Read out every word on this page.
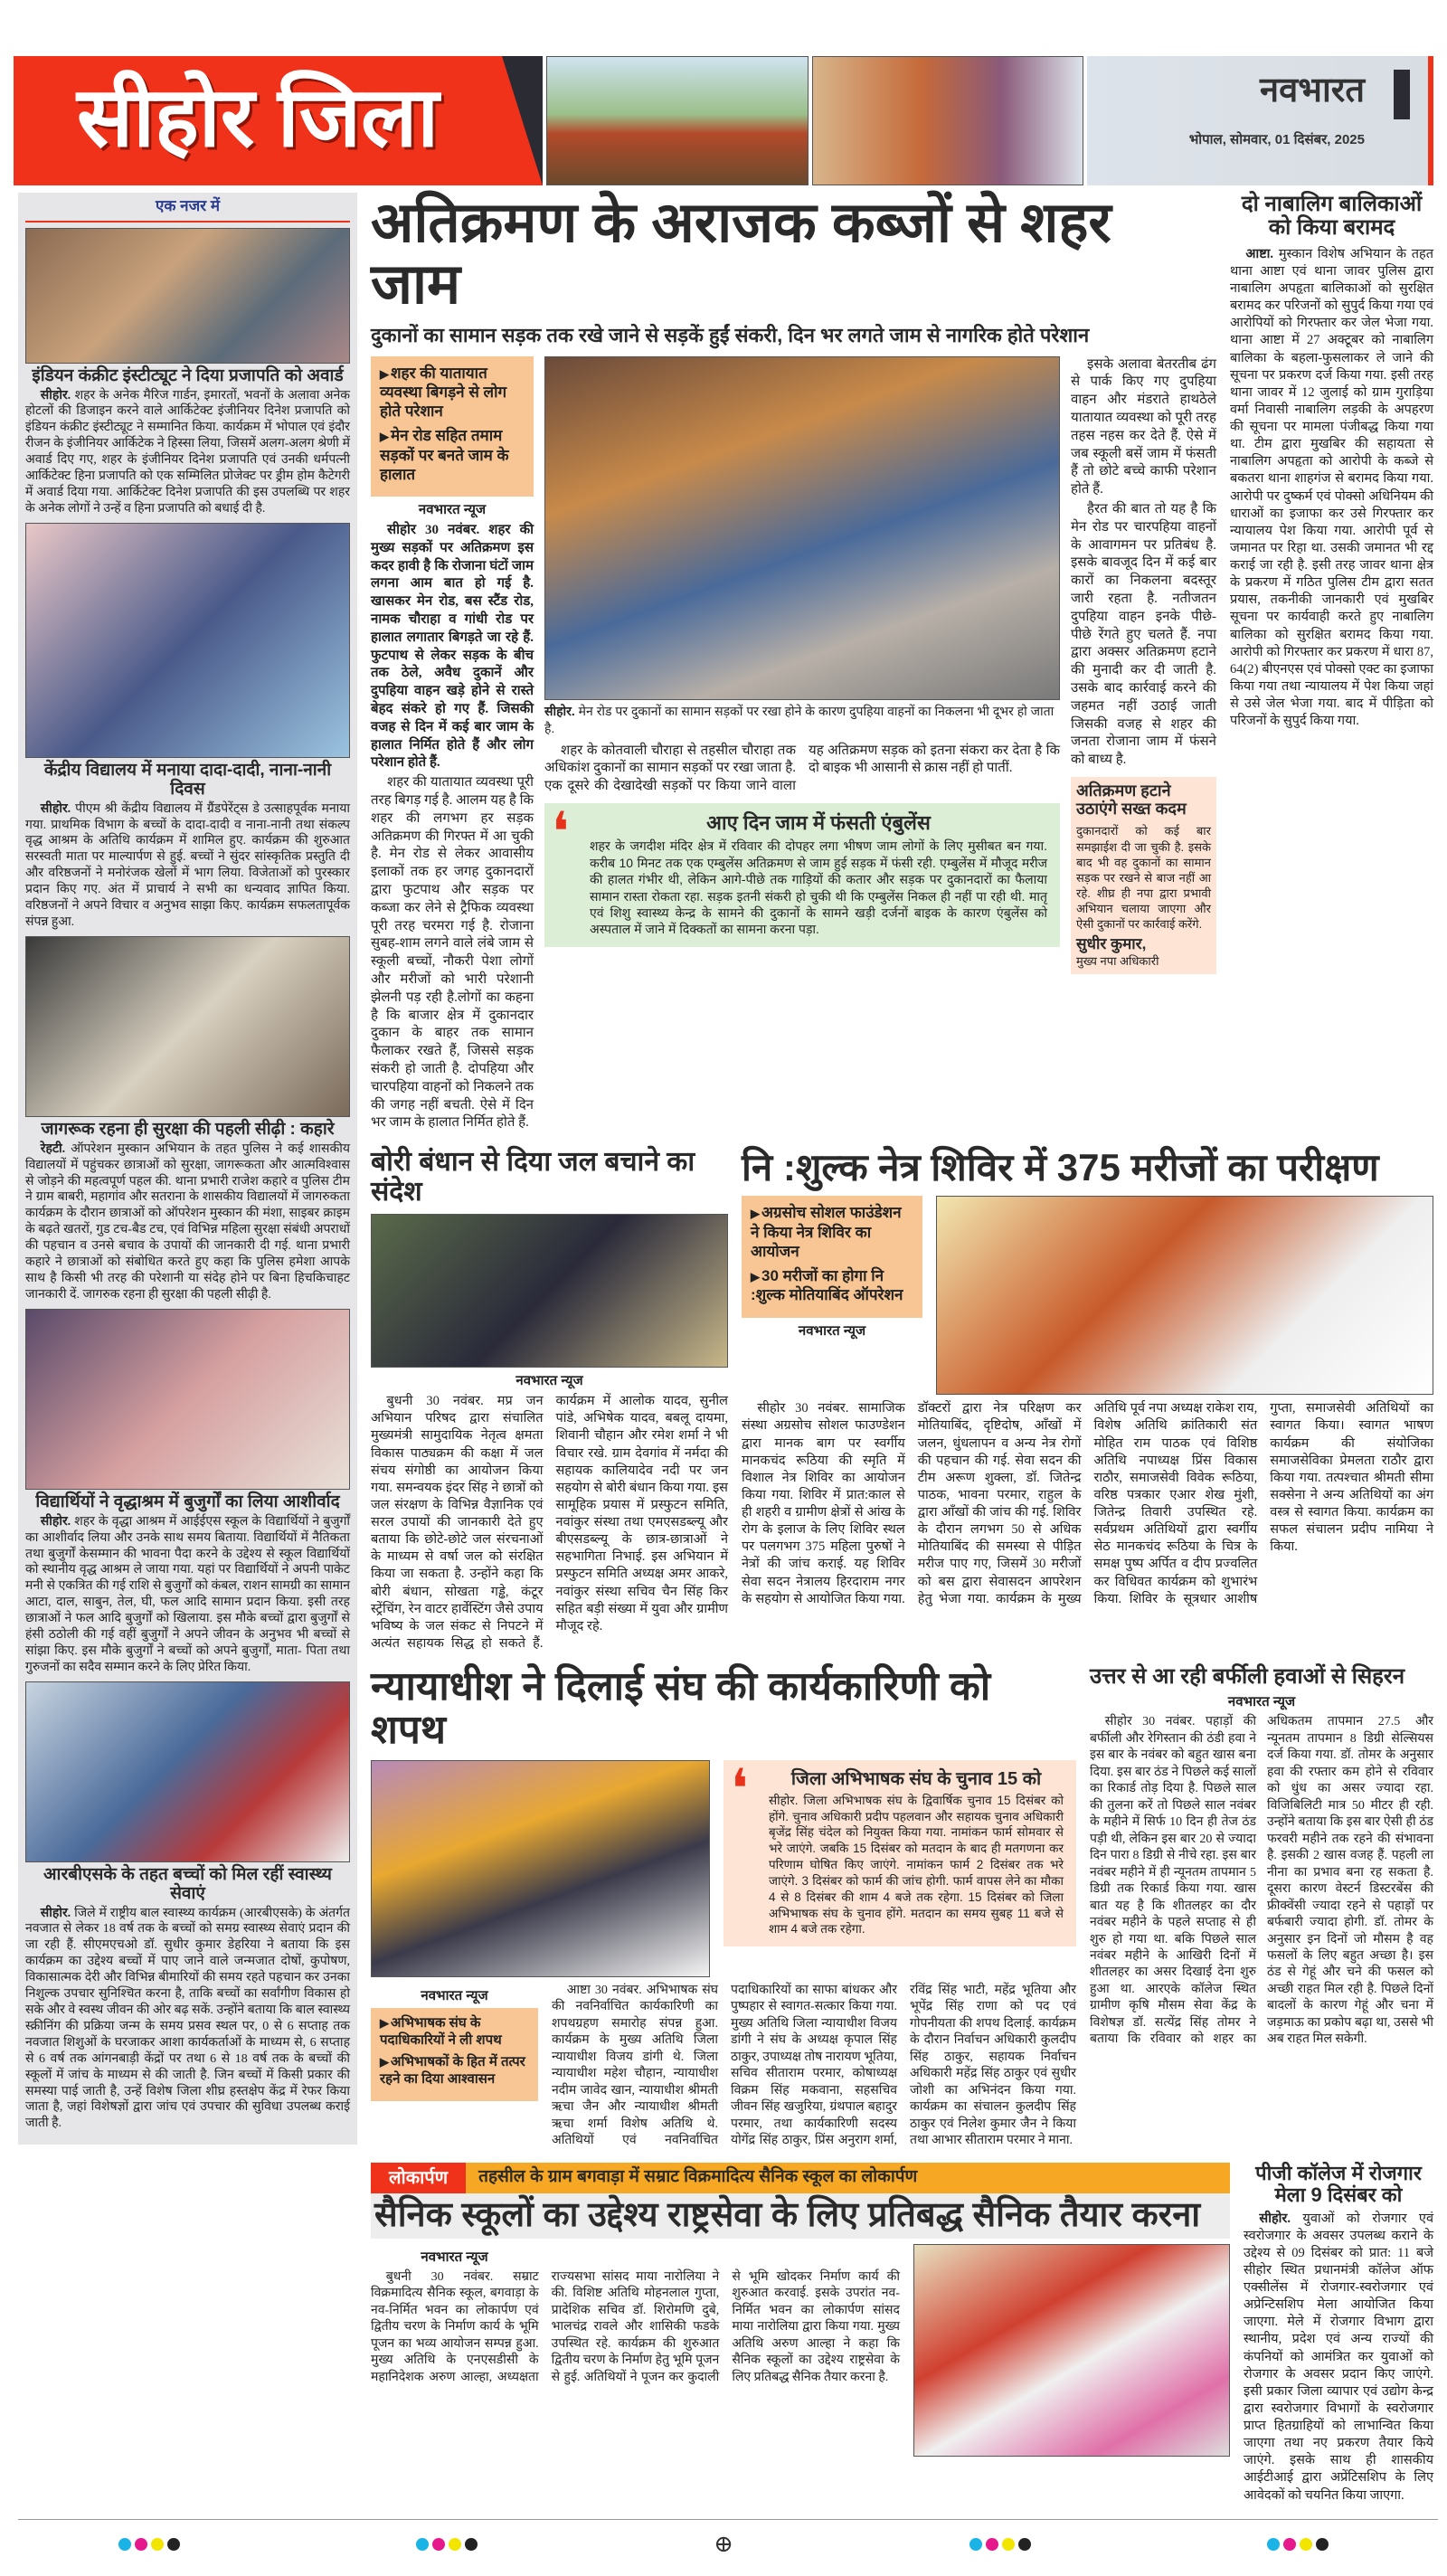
सीहोर जिला	नवभारत
भोपाल, सोमवार, 01 दिसंबर, 2025
एक नजर में
इंडियन कंक्रीट इंस्टीट्यूट ने दिया प्रजापति को अवार्ड

सीहोर. शहर के अनेक मैरिज गार्डन, इमारतों, भवनों के अलावा अनेक होटलों की डिजाइन करने वाले आर्किटेक्ट इंजीनियर दिनेश प्रजापति को इंडियन कंक्रीट इंस्टीट्यूट ने सम्मानित किया. कार्यक्रम में भोपाल एवं इंदौर रीजन के इंजीनियर आर्किटेक ने हिस्सा लिया, जिसमें अलग-अलग श्रेणी में अवार्ड दिए गए, शहर के इंजीनियर दिनेश प्रजापति एवं उनकी धर्मपत्नी आर्किटेक्ट हिना प्रजापति को एक सम्मिलित प्रोजेक्ट पर ड्रीम होम कैटेगरी में अवार्ड दिया गया. आर्किटेक्ट दिनेश प्रजापति की इस उपलब्धि पर शहर के अनेक लोगों ने उन्हें व हिना प्रजापति को बधाई दी है.

केंद्रीय विद्यालय में मनाया दादा-दादी, नाना-नानी दिवस

सीहोर. पीएम श्री केंद्रीय विद्यालय में ग्रैंडपेरेंट्स डे उत्साहपूर्वक मनाया गया. प्राथमिक विभाग के बच्चों के दादा-दादी व नाना-नानी तथा संकल्प वृद्ध आश्रम के अतिथि कार्यक्रम में शामिल हुए. कार्यक्रम की शुरुआत सरस्वती माता पर माल्यार्पण से हुई. बच्चों ने सुंदर सांस्कृतिक प्रस्तुति दी और वरिष्ठजनों ने मनोरंजक खेलों में भाग लिया. विजेताओं को पुरस्कार प्रदान किए गए. अंत में प्राचार्य ने सभी का धन्यवाद ज्ञापित किया. वरिष्ठजनों ने अपने विचार व अनुभव साझा किए. कार्यक्रम सफलतापूर्वक संपन्न हुआ.

जागरूक रहना ही सुरक्षा की पहली सीढ़ी : कहारे

रेहटी. ऑपरेशन मुस्कान अभियान के तहत पुलिस ने कई शासकीय विद्यालयों में पहुंचकर छात्राओं को सुरक्षा, जागरूकता और आत्मविश्वास से जोड़ने की महत्वपूर्ण पहल की. थाना प्रभारी राजेश कहारे व पुलिस टीम ने ग्राम बाबरी, महागांव और सतराना के शासकीय विद्यालयों में जागरुकता कार्यक्रम के दौरान छात्राओं को ऑपरेशन मुस्कान की मंशा, साइबर क्राइम के बढ़ते खतरों, गुड टच-बैड टच, एवं विभिन्न महिला सुरक्षा संबंधी अपराधों की पहचान व उनसे बचाव के उपायों की जानकारी दी गई. थाना प्रभारी कहारे ने छात्राओं को संबोधित करते हुए कहा कि पुलिस हमेशा आपके साथ है किसी भी तरह की परेशानी या संदेह होने पर बिना हिचकिचाहट जानकारी दें. जागरुक रहना ही सुरक्षा की पहली सीढ़ी है.

विद्यार्थियों ने वृद्धाश्रम में बुजुर्गों का लिया आशीर्वाद

सीहोर. शहर के वृद्धा आश्रम में आईईएस स्कूल के विद्यार्थियों ने बुजुर्गों का आशीर्वाद लिया और उनके साथ समय बिताया. विद्यार्थियों में नैतिकता तथा बुजुर्गों केसम्मान की भावना पैदा करने के उद्देश्य से स्कूल विद्यार्थियों को स्थानीय वृद्ध आश्रम ले जाया गया. यहां पर विद्यार्थियों ने अपनी पाकेट मनी से एकत्रित की गई राशि से बुजुर्गों को कंबल, राशन सामग्री का सामान आटा, दाल, साबुन, तेल, घी, फल आदि सामान प्रदान किया. इसी तरह छात्राओं ने फल आदि बुजुर्गों को खिलाया. इस मौके बच्चों द्वारा बुजुर्गों से हंसी ठठोली की गई वहीं बुजुर्गों ने अपने जीवन के अनुभव भी बच्चों से सांझा किए. इस मौके बुजुर्गों ने बच्चों को अपने बुजुर्गों, माता- पिता तथा गुरुजनों का सदैव सम्मान करने के लिए प्रेरित किया.

आरबीएसके के तहत बच्चों को मिल रहीं स्वास्थ्य सेवाएं

सीहोर. जिले में राष्ट्रीय बाल स्वास्थ्य कार्यक्रम (आरबीएसके) के अंतर्गत नवजात से लेकर 18 वर्ष तक के बच्चों को समग्र स्वास्थ्य सेवाएं प्रदान की जा रही हैं. सीएमएचओ डॉ. सुधीर कुमार डेहरिया ने बताया कि इस कार्यक्रम का उद्देश्य बच्चों में पाए जाने वाले जन्मजात दोषों, कुपोषण, विकासात्मक देरी और विभिन्न बीमारियों की समय रहते पहचान कर उनका निशुल्क उपचार सुनिश्चित करना है, ताकि बच्चों का सर्वांगीण विकास हो सके और वे स्वस्थ जीवन की ओर बढ़ सकें. उन्होंने बताया कि बाल स्वास्थ्य स्क्रीनिंग की प्रक्रिया जन्म के समय प्रसव स्थल पर, 0 से 6 सप्ताह तक नवजात शिशुओं के घरजाकर आशा कार्यकर्ताओं के माध्यम से, 6 सप्ताह से 6 वर्ष तक आंगनबाड़ी केंद्रों पर तथा 6 से 18 वर्ष तक के बच्चों की स्कूलों में जांच के माध्यम से की जाती है. जिन बच्चों में किसी प्रकार की समस्या पाई जाती है, उन्हें विशेष जिला शीघ्र हस्तक्षेप केंद्र में रेफर किया जाता है, जहां विशेषज्ञों द्वारा जांच एवं उपचार की सुविधा उपलब्ध कराई जाती है.

अतिक्रमण के अराजक कब्जों से शहर जाम
दुकानों का सामान सड़क तक रखे जाने से सड़कें हुईं संकरी, दिन भर लगते जाम से नागरिक होते परेशान
▶ शहर की यातायात व्यवस्था बिगड़ने से लोग होते परेशान
▶ मेन रोड सहित तमाम सड़कों पर बनते जाम के हालात
नवभारत न्यूज

सीहोर 30 नवंबर. शहर की मुख्य सड़कों पर अतिक्रमण इस कदर हावी है कि रोजाना घंटों जाम लगना आम बात हो गई है. खासकर मेन रोड, बस स्टैंड रोड, नामक चौराहा व गांधी रोड पर हालात लगातार बिगड़ते जा रहे हैं. फुटपाथ से लेकर सड़क के बीच तक ठेले, अवैध दुकानें और दुपहिया वाहन खड़े होने से रास्ते बेहद संकरे हो गए हैं. जिसकी वजह से दिन में कई बार जाम के हालात निर्मित होते हैं और लोग परेशान होते हैं.

शहर की यातायात व्यवस्था पूरी तरह बिगड़ गई है. आलम यह है कि शहर की लगभग हर सड़क अतिक्रमण की गिरफ्त में आ चुकी है. मेन रोड से लेकर आवासीय इलाकों तक हर जगह दुकानदारों द्वारा फुटपाथ और सड़क पर कब्जा कर लेने से ट्रैफिक व्यवस्था पूरी तरह चरमरा गई है. रोजाना सुबह-शाम लगने वाले लंबे जाम से स्कूली बच्चों, नौकरी पेशा लोगों और मरीजों को भारी परेशानी झेलनी पड़ रही है.लोगों का कहना है कि बाजार क्षेत्र में दुकानदार दुकान के बाहर तक सामान फैलाकर रखते हैं, जिससे सड़क संकरी हो जाती है. दोपहिया और चारपहिया वाहनों को निकलने तक की जगह नहीं बचती. ऐसे में दिन भर जाम के हालात निर्मित होते हैं.

सीहोर. मेन रोड पर दुकानों का सामान सड़कों पर रखा होने के कारण दुपहिया वाहनों का निकलना भी दूभर हो जाता है.

शहर के कोतवाली चौराहा से तहसील चौराहा तक अधिकांश दुकानों का सामान सड़कों पर रखा जाता है. एक दूसरे की देखादेखी सड़कों पर किया जाने वाला यह अतिक्रमण सड़क को इतना संकरा कर देता है कि दो बाइक भी आसानी से क्रास नहीं हो पातीं.

❛	आए दिन जाम में फंसती एंबुलेंस
शहर के जगदीश मंदिर क्षेत्र में रविवार की दोपहर लगा भीषण जाम लोगों के लिए मुसीबत बन गया. करीब 10 मिनट तक एक एम्बुलेंस अतिक्रमण से जाम हुई सड़क में फंसी रही. एम्बुलेंस में मौजूद मरीज की हालत गंभीर थी, लेकिन आगे-पीछे तक गाड़ियों की कतार और सड़क पर दुकानदारों का फैलाया सामान रास्ता रोकता रहा. सड़क इतनी संकरी हो चुकी थी कि एम्बुलेंस निकल ही नहीं पा रही थी. मातृ एवं शिशु स्वास्थ्य केन्द्र के सामने की दुकानों के सामने खड़ी दर्जनों बाइक के कारण एंबुलेंस को अस्पताल में जाने में दिक्कतों का सामना करना पड़ा.

इसके अलावा बेतरतीब ढंग से पार्क किए गए दुपहिया वाहन और मंडराते हाथठेले यातायात व्यवस्था को पूरी तरह तहस नहस कर देते हैं. ऐसे में जब स्कूली बसें जाम में फंसती हैं तो छोटे बच्चे काफी परेशान होते हैं.

हैरत की बात तो यह है कि मेन रोड पर चारपहिया वाहनों के आवागमन पर प्रतिबंध है. इसके बावजूद दिन में कई बार कारों का निकलना बदस्तूर जारी रहता है. नतीजतन दुपहिया वाहन इनके पीछे- पीछे रेंगते हुए चलते हैं. नपा द्वारा अक्सर अतिक्रमण हटाने की मुनादी कर दी जाती है. उसके बाद कार्रवाई करने की जहमत नहीं उठाई जाती जिसकी वजह से शहर की जनता रोजाना जाम में फंसने को बाध्य है.

अतिक्रमण हटाने उठाएंगे सख्त कदम
दुकानदारों को कई बार समझाईश दी जा चुकी है. इसके बाद भी वह दुकानों का सामान सड़क पर रखने से बाज नहीं आ रहे. शीघ्र ही नपा द्वारा प्रभावी अभियान चलाया जाएगा और ऐसी दुकानों पर कार्रवाई करेंगे.
सुधीर कुमार,
मुख्य नपा अधिकारी
दो नाबालिग बालिकाओं को किया बरामद

आष्टा. मुस्कान विशेष अभियान के तहत थाना आष्टा एवं थाना जावर पुलिस द्वारा नाबालिग अपहृता बालिकाओं को सुरक्षित बरामद कर परिजनों को सुपुर्द किया गया एवं आरोपियों को गिरफ्तार कर जेल भेजा गया. थाना आष्टा में 27 अक्टूबर को नाबालिग बालिका के बहला-फुसलाकर ले जाने की सूचना पर प्रकरण दर्ज किया गया. इसी तरह थाना जावर में 12 जुलाई को ग्राम गुराड़िया वर्मा निवासी नाबालिग लड़की के अपहरण की सूचना पर मामला पंजीबद्ध किया गया था. टीम द्वारा मुखबिर की सहायता से नाबालिग अपहृता को आरोपी के कब्जे से बकतरा थाना शाहगंज से बरामद किया गया. आरोपी पर दुष्कर्म एवं पोक्सो अधिनियम की धाराओं का इजाफा कर उसे गिरफ्तार कर न्यायालय पेश किया गया. आरोपी पूर्व से जमानत पर रिहा था. उसकी जमानत भी रद्द कराई जा रही है. इसी तरह जावर थाना क्षेत्र के प्रकरण में गठित पुलिस टीम द्वारा सतत प्रयास, तकनीकी जानकारी एवं मुखबिर सूचना पर कार्यवाही करते हुए नाबालिग बालिका को सुरक्षित बरामद किया गया. आरोपी को गिरफ्तार कर प्रकरण में धारा 87, 64(2) बीएनएस एवं पोक्सो एक्ट का इजाफा किया गया तथा न्यायालय में पेश किया जहां से उसे जेल भेजा गया. बाद में पीड़िता को परिजनों के सुपुर्द किया गया.

बोरी बंधान से दिया जल बचाने का संदेश
नवभारत न्यूज

बुधनी 30 नवंबर. मप्र जन अभियान परिषद द्वारा संचालित मुख्यमंत्री सामुदायिक नेतृत्व क्षमता विकास पाठ्यक्रम की कक्षा में जल संचय संगोष्ठी का आयोजन किया गया. समन्वयक इंदर सिंह ने छात्रों को जल संरक्षण के विभिन्न वैज्ञानिक एवं सरल उपायों की जानकारी देते हुए बताया कि छोटे-छोटे जल संरचनाओं के माध्यम से वर्षा जल को संरक्षित किया जा सकता है. उन्होंने कहा कि बोरी बंधान, सोखता गड्ढे, कंटूर स्ट्रेंचिंग, रेन वाटर हार्वेस्टिंग जैसे उपाय भविष्य के जल संकट से निपटने में अत्यंत सहायक सिद्ध हो सकते हैं. कार्यक्रम में आलोक यादव, सुनील पांडे, अभिषेक यादव, बबलू दायमा, शिवानी चौहान और रमेश शर्मा ने भी विचार रखे. ग्राम देवगांव में नर्मदा की सहायक कालियादेव नदी पर जन सहयोग से बोरी बंधान किया गया. इस सामूहिक प्रयास में प्रस्फुटन समिति, नवांकुर संस्था तथा एमएसडब्ल्यू और बीएसडब्ल्यू के छात्र-छात्राओं ने सहभागिता निभाई. इस अभियान में प्रस्फुटन समिति अध्यक्ष अमर आकरे, नवांकुर संस्था सचिव चैन सिंह किर सहित बड़ी संख्या में युवा और ग्रामीण मौजूद रहे.

नि :शुल्क नेत्र शिविर में 375 मरीजों का परीक्षण
▶ अग्रसोच सोशल फाउंडेशन ने किया नेत्र शिविर का आयोजन
▶ 30 मरीजों का होगा नि :शुल्क मोतियाबिंद ऑपरेशन
नवभारत न्यूज

सीहोर 30 नवंबर. सामाजिक संस्था अग्रसोच सोशल फाउण्डेशन द्वारा मानक बाग पर स्वर्गीय मानकचंद रूठिया की स्मृति में विशाल नेत्र शिविर का आयोजन किया गया. शिविर में प्रात:काल से ही शहरी व ग्रामीण क्षेत्रों से आंख के रोग के इलाज के लिए शिविर स्थल पर पलगभग 375 महिला पुरुषों ने नेत्रों की जांच कराई. यह शिविर सेवा सदन नेत्रालय हिरदाराम नगर के सहयोग से आयोजित किया गया. डॉक्टरों द्वारा नेत्र परिक्षण कर मोतियाबिंद, दृष्टिदोष, आँखों में जलन, धुंधलापन व अन्य नेत्र रोगों की पहचान की गई. सेवा सदन की टीम अरूण शुक्ला, डॉ. जितेन्द्र पाठक, भावना परमार, राहुल के द्वारा आँखों की जांच की गई. शिविर के दौरान लगभग 50 से अधिक मोतियाबिंद की समस्या से पीड़ित मरीज पाए गए, जिसमें 30 मरीजों को बस द्वारा सेवासदन आपरेशन हेतु भेजा गया. कार्यक्रम के मुख्य अतिथि पूर्व नपा अध्यक्ष राकेश राय, विशेष अतिथि क्रांतिकारी संत मोहित राम पाठक एवं विशिष्ठ अतिथि नपाध्यक्ष प्रिंस विकास राठौर, समाजसेवी विवेक रूठिया, वरिष्ठ पत्रकार एआर शेख मुंशी, जितेन्द्र तिवारी उपस्थित रहे. सर्वप्रथम अतिथियों द्वारा स्वर्गीय सेठ मानकचंद रूठिया के चित्र के समक्ष पुष्प अर्पित व दीप प्रज्वलित कर विधिवत कार्यक्रम को शुभारंभ किया. शिविर के सूत्रधार आशीष गुप्ता, समाजसेवी अतिथियों का स्वागत किया। स्वागत भाषण कार्यक्रम की संयोजिका समाजसेविका प्रेमलता राठौर द्वारा किया गया. तत्पश्चात श्रीमती सीमा सक्सेना ने अन्य अतिथियों का अंग वस्त्र से स्वागत किया. कार्यक्रम का सफल संचालन प्रदीप नामिया ने किया.

न्यायाधीश ने दिलाई संघ की कार्यकारिणी को शपथ
❛	जिला अभिभाषक संघ के चुनाव 15 को
सीहोर. जिला अभिभाषक संघ के द्विवार्षिक चुनाव 15 दिसंबर को होंगे. चुनाव अधिकारी प्रदीप पहलवान और सहायक चुनाव अधिकारी बृजेंद्र सिंह चंदेल को नियुक्त किया गया. नामांकन फार्म सोमवार से भरे जाएंगे. जबकि 15 दिसंबर को मतदान के बाद ही मतगणना कर परिणाम घोषित किए जाएंगे. नामांकन फार्म 2 दिसंबर तक भरे जाएंगे. 3 दिसंबर को फार्म की जांच होगी. फार्म वापस लेने का मौका 4 से 8 दिसंबर की शाम 4 बजे तक रहेगा. 15 दिसंबर को जिला अभिभाषक संघ के चुनाव होंगे. मतदान का समय सुबह 11 बजे से शाम 4 बजे तक रहेगा.
नवभारत न्यूज
▶ अभिभाषक संघ के पदाधिकारियों ने ली शपथ
▶ अभिभाषकों के हित में तत्पर रहने का दिया आश्वासन

आष्टा 30 नवंबर. अभिभाषक संघ की नवनिर्वाचित कार्यकारिणी का शपथग्रहण समारोह संपन्न हुआ. कार्यक्रम के मुख्य अतिथि जिला न्यायाधीश विजय डांगी थे. जिला न्यायाधीश महेश चौहान, न्यायाधीश नदीम जावेद खान, न्यायाधीश श्रीमती ऋचा जैन और न्यायाधीश श्रीमती ऋचा शर्मा विशेष अतिथि थे. अतिथियों एवं नवनिर्वाचित पदाधिकारियों का साफा बांधकर और पुष्पहार से स्वागत-सत्कार किया गया. मुख्य अतिथि जिला न्यायाधीश विजय डांगी ने संघ के अध्यक्ष कृपाल सिंह ठाकुर, उपाध्यक्ष तोष नारायण भूतिया, सचिव सीताराम परमार, कोषाध्यक्ष विक्रम सिंह मकवाना, सहसचिव जीवन सिंह खजुरिया, ग्रंथपाल बहादुर परमार, तथा कार्यकारिणी सदस्य योगेंद्र सिंह ठाकुर, प्रिंस अनुराग शर्मा, रविंद्र सिंह भाटी, महेंद्र भूतिया और भूपेंद्र सिंह राणा को पद एवं गोपनीयता की शपथ दिलाई. कार्यक्रम के दौरान निर्वाचन अधिकारी कुलदीप सिंह ठाकुर, सहायक निर्वाचन अधिकारी महेंद्र सिंह ठाकुर एवं सुधीर जोशी का अभिनंदन किया गया. कार्यक्रम का संचालन कुलदीप सिंह ठाकुर एवं निलेश कुमार जैन ने किया तथा आभार सीताराम परमार ने माना.

उत्तर से आ रही बर्फीली हवाओं से सिहरन
नवभारत न्यूज

सीहोर 30 नवंबर. पहाड़ों की बर्फीली और रेगिस्तान की ठंडी हवा ने इस बार के नवंबर को बहुत खास बना दिया. इस बार ठंड ने पिछले कई सालों का रिकार्ड तोड़ दिया है. पिछले साल की तुलना करें तो पिछले साल नवंबर के महीने में सिर्फ 10 दिन ही तेज ठंड पड़ी थी, लेकिन इस बार 20 से ज्यादा दिन पारा 8 डिग्री से नीचे रहा. इस बार नवंबर महीने में ही न्यूनतम तापमान 5 डिग्री तक रिकार्ड किया गया. खास बात यह है कि शीतलहर का दौर नवंबर महीने के पहले सप्ताह से ही शुरु हो गया था. बकि पिछले साल नवंबर महीने के आखिरी दिनों में शीतलहर का असर दिखाई देना शुरु हुआ था. आरएके कॉलेज स्थित ग्रामीण कृषि मौसम सेवा केंद्र के विशेषज्ञ डॉ. सत्येंद्र सिंह तोमर ने बताया कि रविवार को शहर का अधिकतम तापमान 27.5 और न्यूनतम तापमान 8 डिग्री सेल्सियस दर्ज किया गया. डॉ. तोमर के अनुसार हवा की रफ्तार कम होने से रविवार को धुंध का असर ज्यादा रहा. विजिबिलिटी मात्र 50 मीटर ही रही. उन्होंने बताया कि इस बार ऐसी ही ठंड फरवरी महीने तक रहने की संभावना है. इसकी 2 खास वजह हैं. पहली ला नीना का प्रभाव बना रह सकता है. दूसरा कारण वेस्टर्न डिस्टरबेंस की फ्रीक्वेंसी ज्यादा रहने से पहाड़ों पर बर्फबारी ज्यादा होगी. डॉ. तोमर के अनुसार इन दिनों जो मौसम है वह फसलों के लिए बहुत अच्छा है। इस ठंड से गेहूं और चने की फसल को अच्छी राहत मिल रही है. पिछले दिनों बादलों के कारण गेहूं और चना में जड़माऊ का प्रकोप बढ़ा था, उससे भी अब राहत मिल सकेगी.

लोकार्पण	तहसील के ग्राम बगवाड़ा में सम्राट विक्रमादित्य सैनिक स्कूल का लोकार्पण
सैनिक स्कूलों का उद्देश्य राष्ट्रसेवा के लिए प्रतिबद्ध सैनिक तैयार करना
नवभारत न्यूज

बुधनी 30 नवंबर. सम्राट विक्रमादित्य सैनिक स्कूल, बगवाड़ा के नव-निर्मित भवन का लोकार्पण एवं द्वितीय चरण के निर्माण कार्य के भूमि पूजन का भव्य आयोजन सम्पन्न हुआ. मुख्य अतिथि के एनएसडीसी के महानिदेशक अरुण आल्हा, अध्यक्षता राज्यसभा सांसद माया नारोलिया ने की. विशिष्ट अतिथि मोहनलाल गुप्ता, प्रादेशिक सचिव डॉ. शिरोमणि दुबे, भालचंद्र रावले और शासिकी फडके उपस्थित रहे. कार्यक्रम की शुरुआत द्वितीय चरण के निर्माण हेतु भूमि पूजन से हुई. अतिथियों ने पूजन कर कुदाली से भूमि खोदकर निर्माण कार्य की शुरुआत करवाई. इसके उपरांत नव-निर्मित भवन का लोकार्पण सांसद माया नारोलिया द्वारा किया गया. मुख्य अतिथि अरुण आल्हा ने कहा कि सैनिक स्कूलों का उद्देश्य राष्ट्रसेवा के लिए प्रतिबद्ध सैनिक तैयार करना है.

पीजी कॉलेज में रोजगार मेला 9 दिसंबर को

सीहोर. युवाओं को रोजगार एवं स्वरोजगार के अवसर उपलब्ध कराने के उद्देश्य से 09 दिसंबर को प्रात: 11 बजे सीहोर स्थित प्रधानमंत्री कॉलेज ऑफ एक्सीलेंस में रोजगार-स्वरोजगार एवं अप्रेन्टिसशिप मेला आयोजित किया जाएगा. मेले में रोजगार विभाग द्वारा स्थानीय, प्रदेश एवं अन्य राज्यों की कंपनियों को आमंत्रित कर युवाओं को रोजगार के अवसर प्रदान किए जाएंगे. इसी प्रकार जिला व्यापार एवं उद्योग केन्द्र द्वारा स्वरोजगार विभागों के स्वरोजगार प्राप्त हितग्राहियों को लाभान्वित किया जाएगा तथा नए प्रकरण तैयार किये जाएंगे. इसके साथ ही शासकीय आईटीआई द्वारा अप्रेंटिसशिप के लिए आवेदकों को चयनित किया जाएगा.

⊕
